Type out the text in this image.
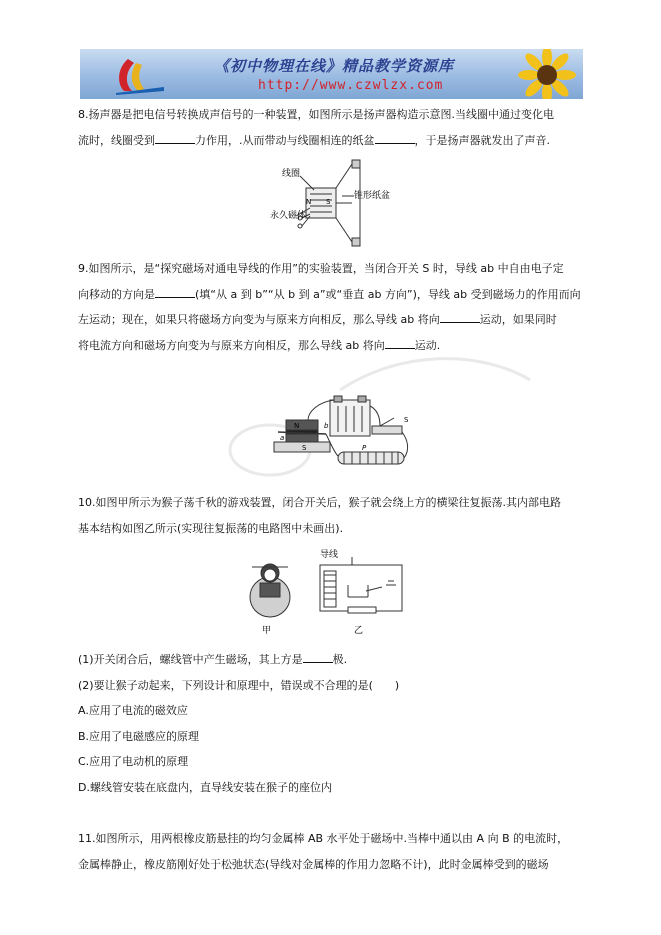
《初中物理在线》精品教学资源库
http://www.czwlzx.com
8.扬声器是把电信号转换成声信号的一种装置，如图所示是扬声器构造示意图.当线圈中通过变化电
流时，线圈受到	力作用，.从而带动与线圈相连的纸盆	，于是扬声器就发出了声音.
N S
线圈
锥形纸盆
永久磁体
9.如图所示，是“探究磁场对通电导线的作用”的实验装置，当闭合开关 S 时，导线 ab 中自由电子定
向移动的方向是	(填“从 a 到 b”“从 b 到 a”或“垂直 ab 方向”)，导线 ab 受到磁场力的作用而向
左运动；现在，如果只将磁场方向变为与原来方向相反，那么导线 ab 将向	运动，如果同时
将电流方向和磁场方向变为与原来方向相反，那么导线 ab 将向	运动.
N
S
a
b
S
P
10.如图甲所示为猴子荡千秋的游戏装置，闭合开关后，猴子就会绕上方的横梁往复振荡.其内部电路
基本结构如图乙所示(实现往复振荡的电路图中未画出).
甲	乙
导线
(1)开关闭合后，螺线管中产生磁场，其上方是	极.
(2)要让猴子动起来，下列设计和原理中，错误或不合理的是(　　)
A.应用了电流的磁效应
B.应用了电磁感应的原理
C.应用了电动机的原理
D.螺线管安装在底盘内，直导线安装在猴子的座位内
11.如图所示，用两根橡皮筋悬挂的均匀金属棒 AB 水平处于磁场中.当棒中通以由 A 向 B 的电流时，
金属棒静止，橡皮筋刚好处于松弛状态(导线对金属棒的作用力忽略不计)，此时金属棒受到的磁场
